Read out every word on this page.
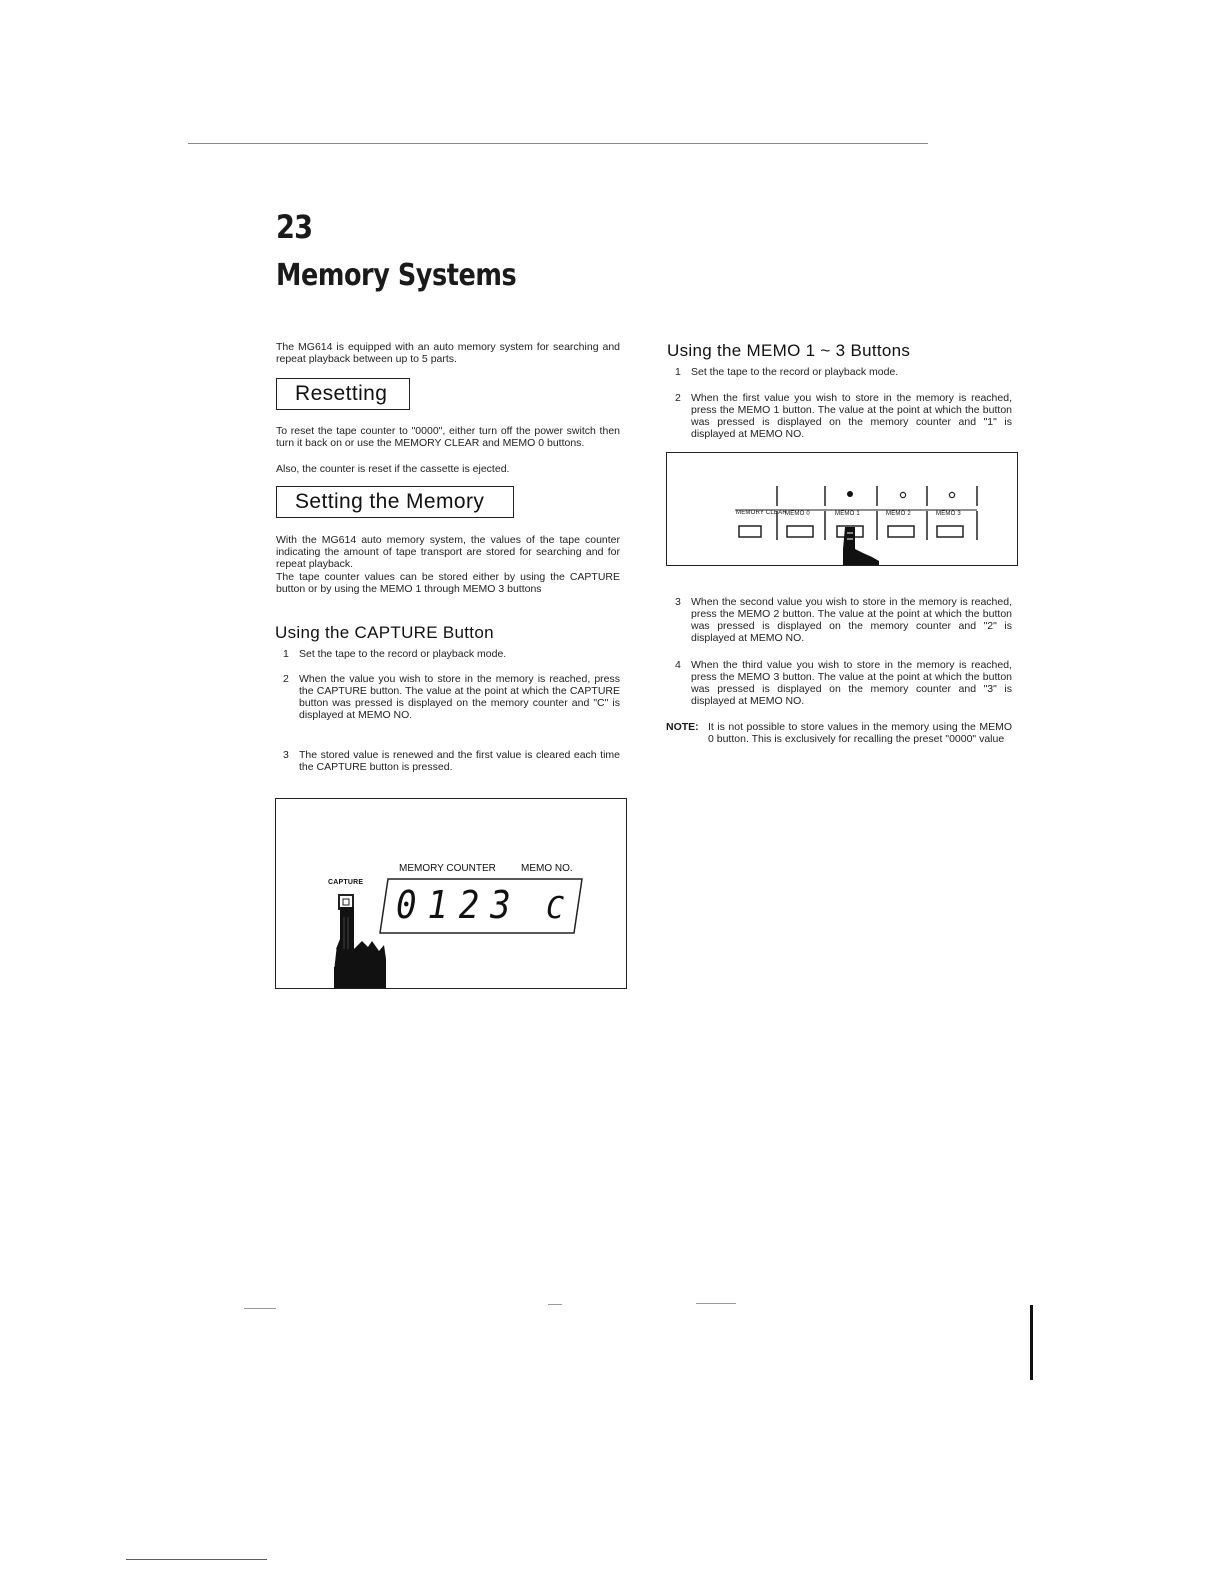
23
Memory Systems
The MG614 is equipped with an auto memory system for searching and repeat playback between up to 5 parts.
Resetting
To reset the tape counter to "0000", either turn off the power switch then turn it back on or use the MEMORY CLEAR and MEMO 0 buttons.
Also, the counter is reset if the cassette is ejected.
Setting the Memory
With the MG614 auto memory system, the values of the tape counter indicating the amount of tape transport are stored for searching and for repeat playback.
The tape counter values can be stored either by using the CAPTURE button or by using the MEMO 1 through MEMO 3 buttons
Using the CAPTURE Button
1 Set the tape to the record or playback mode.
2 When the value you wish to store in the memory is reached, press the CAPTURE button. The value at the point at which the CAPTURE button was pressed is displayed on the memory counter and "C" is displayed at MEMO NO.
3 The stored value is renewed and the first value is cleared each time the CAPTURE button is pressed.
MEMORY COUNTER	MEMO NO.
CAPTURE
0123 C
Using the MEMO 1 ~ 3 Buttons
1 Set the tape to the record or playback mode.
2 When the first value you wish to store in the memory is reached, press the MEMO 1 button. The value at the point at which the button was pressed is displayed on the memory counter and "1" is displayed at MEMO NO.
MEMORY CLEAR
MEMO 0	MEMO 1	MEMO 2	MEMO 3
3 When the second value you wish to store in the memory is reached, press the MEMO 2 button. The value at the point at which the button was pressed is displayed on the memory counter and "2" is displayed at MEMO NO.
4 When the third value you wish to store in the memory is reached, press the MEMO 3 button. The value at the point at which the button was pressed is displayed on the memory counter and "3" is displayed at MEMO NO.
NOTE: It is not possible to store values in the memory using the MEMO 0 button. This is exclusively for recalling the preset "0000" value
